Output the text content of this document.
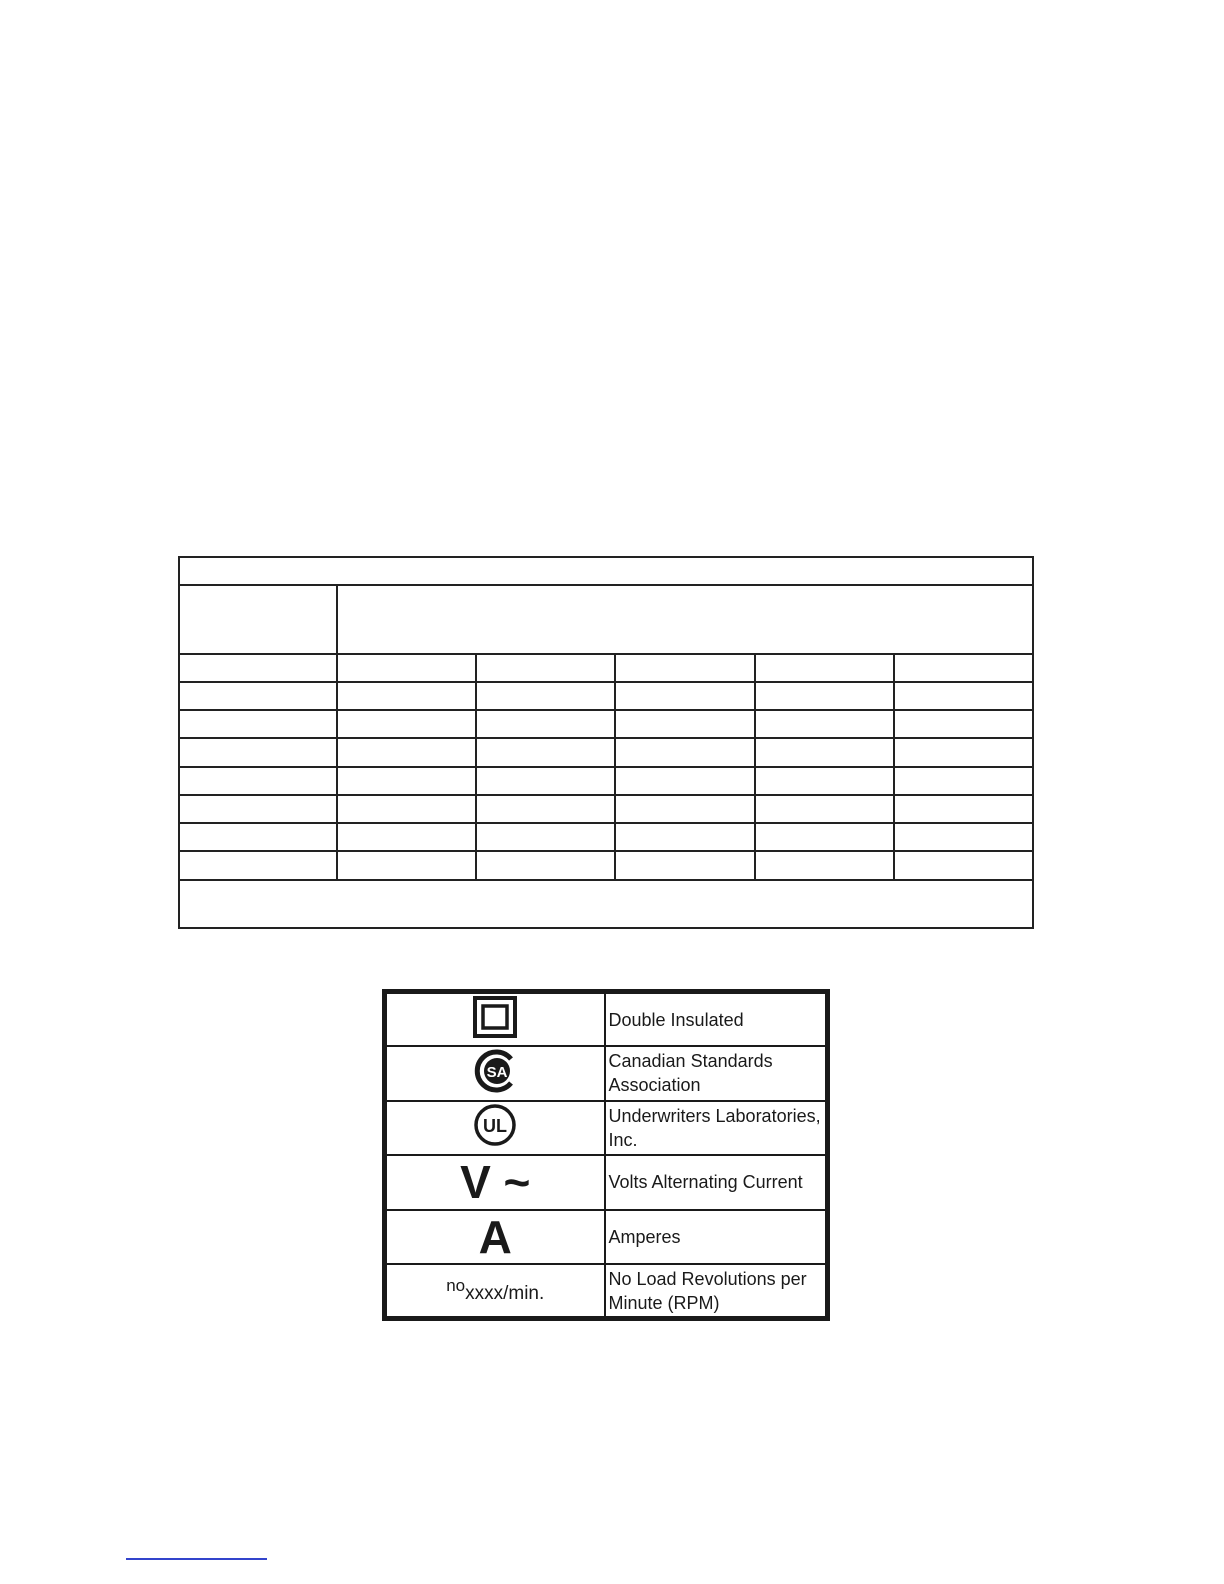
	Double Insulated

SA	Canadian Standards Association

UL	Underwriters Laboratories, Inc.
V ~	Volts Alternating Current
A	Amperes
$^{no}$xxxx/min.	No Load Revolutions per Minute (RPM)
